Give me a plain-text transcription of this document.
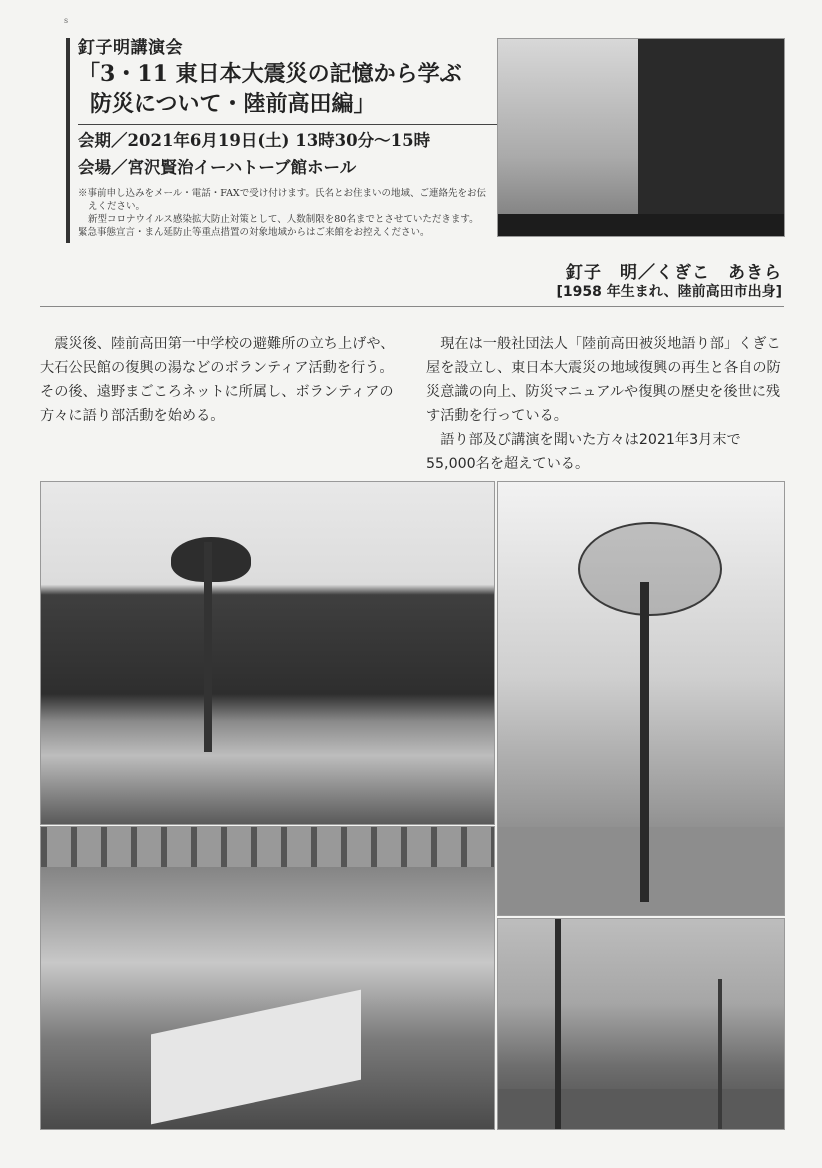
s
釘子明講演会
「3・11 東日本大震災の記憶から学ぶ
防災について・陸前高田編」
会期／2021年6月19日(土) 13時30分〜15時
会場／宮沢賢治イーハトーブ館ホール
※事前申し込みをメール・電話・FAXで受け付けます。氏名とお住まいの地域、ご連絡先をお伝
えください。
新型コロナウイルス感染拡大防止対策として、人数制限を80名までとさせていただきます。
緊急事態宣言・まん延防止等重点措置の対象地域からはご来館をお控えください。
釘子　明／くぎこ　あきら
[1958 年生まれ、陸前高田市出身]

震災後、陸前高田第一中学校の避難所の立ち上げや、大石公民館の復興の湯などのボランティア活動を行う。その後、遠野まごころネットに所属し、ボランティアの方々に語り部活動を始める。

現在は一般社団法人「陸前高田被災地語り部」くぎこ屋を設立し、東日本大震災の地域復興の再生と各自の防災意識の向上、防災マニュアルや復興の歴史を後世に残す活動を行っている。

語り部及び講演を聞いた方々は2021年3月末で55,000名を超えている。
